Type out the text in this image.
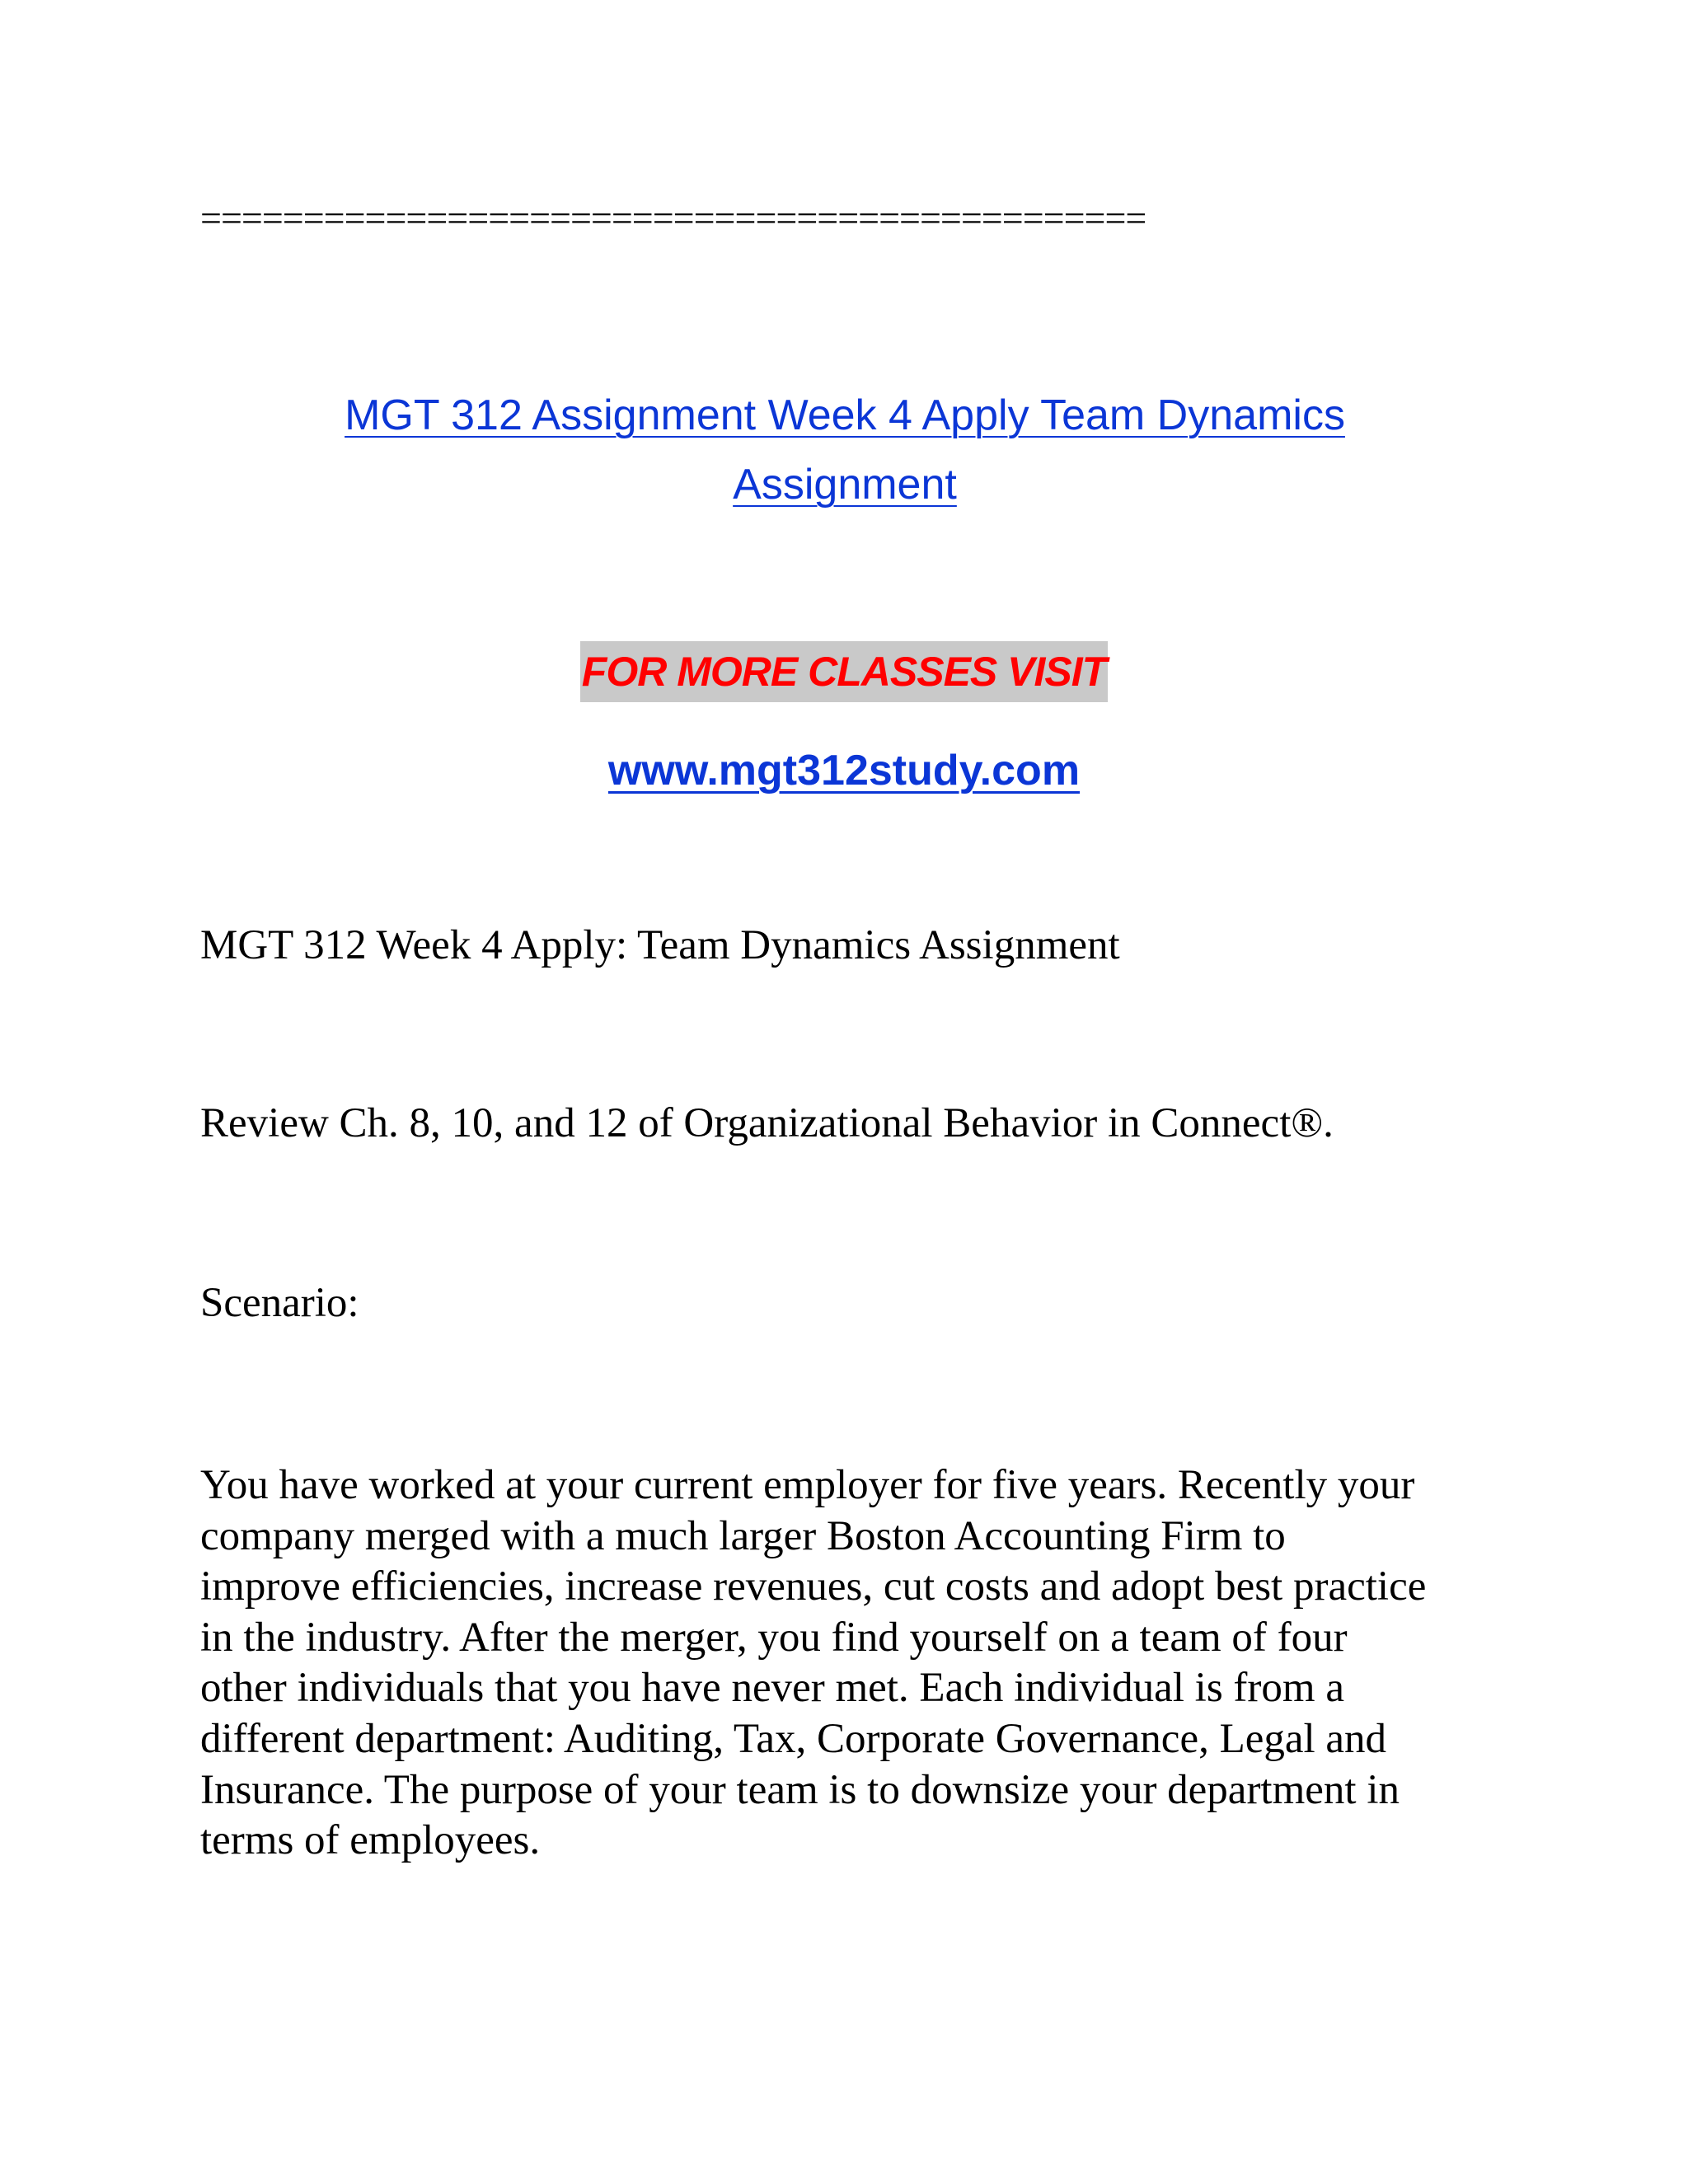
==============================================
MGT 312 Assignment Week 4 Apply Team Dynamics
Assignment
FOR MORE CLASSES VISIT
www.mgt312study.com
MGT 312 Week 4 Apply: Team Dynamics Assignment
Review Ch. 8, 10, and 12 of Organizational Behavior in Connect®.
Scenario:
You have worked at your current employer for five years. Recently your
company merged with a much larger Boston Accounting Firm to
improve efficiencies, increase revenues, cut costs and adopt best practice
in the industry. After the merger, you find yourself on a team of four
other individuals that you have never met. Each individual is from a
different department: Auditing, Tax, Corporate Governance, Legal and
Insurance. The purpose of your team is to downsize your department in
terms of employees.
